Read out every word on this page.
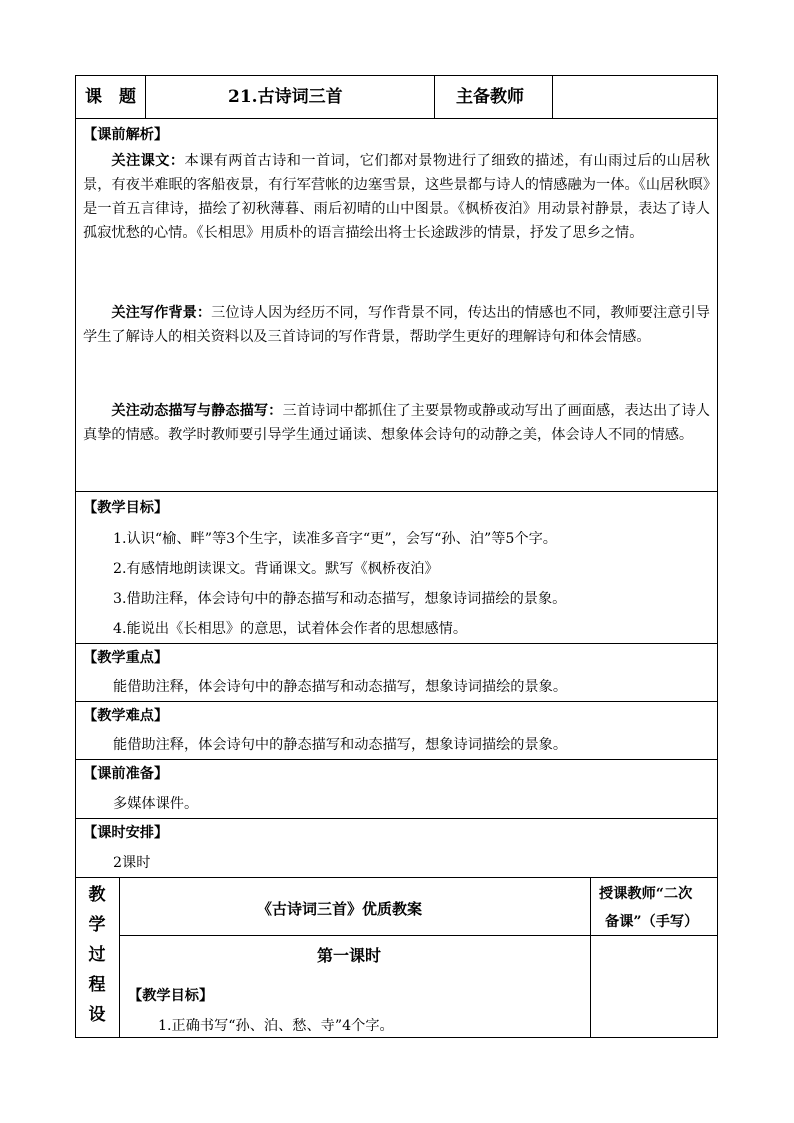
课　题	21.古诗词三首	主备教师
【课前解析】
关注课文：本课有两首古诗和一首词，它们都对景物进行了细致的描述，有山雨过后的山居秋景，有夜半难眠的客船夜景，有行军营帐的边塞雪景，这些景都与诗人的情感融为一体。《山居秋暝》是一首五言律诗，描绘了初秋薄暮、雨后初晴的山中图景。《枫桥夜泊》用动景衬静景，表达了诗人孤寂忧愁的心情。《长相思》用质朴的语言描绘出将士长途跋涉的情景，抒发了思乡之情。
关注写作背景：三位诗人因为经历不同，写作背景不同，传达出的情感也不同，教师要注意引导学生了解诗人的相关资料以及三首诗词的写作背景，帮助学生更好的理解诗句和体会情感。
关注动态描写与静态描写：三首诗词中都抓住了主要景物或静或动写出了画面感，表达出了诗人真挚的情感。教学时教师要引导学生通过诵读、想象体会诗句的动静之美，体会诗人不同的情感。
【教学目标】
1.认识“榆、畔”等3个生字，读准多音字“更”，会写“孙、泊”等5个字。
2.有感情地朗读课文。背诵课文。默写《枫桥夜泊》
3.借助注释，体会诗句中的静态描写和动态描写，想象诗词描绘的景象。
4.能说出《长相思》的意思，试着体会作者的思想感情。
【教学重点】
能借助注释，体会诗句中的静态描写和动态描写，想象诗词描绘的景象。
【教学难点】
能借助注释，体会诗句中的静态描写和动态描写，想象诗词描绘的景象。
【课前准备】
多媒体课件。
【课时安排】
2课时
教
学
过
程
设
《古诗词三首》优质教案
授课教师“二次
备课”（手写）
第一课时
【教学目标】
1.正确书写“孙、泊、愁、寺”4个字。
